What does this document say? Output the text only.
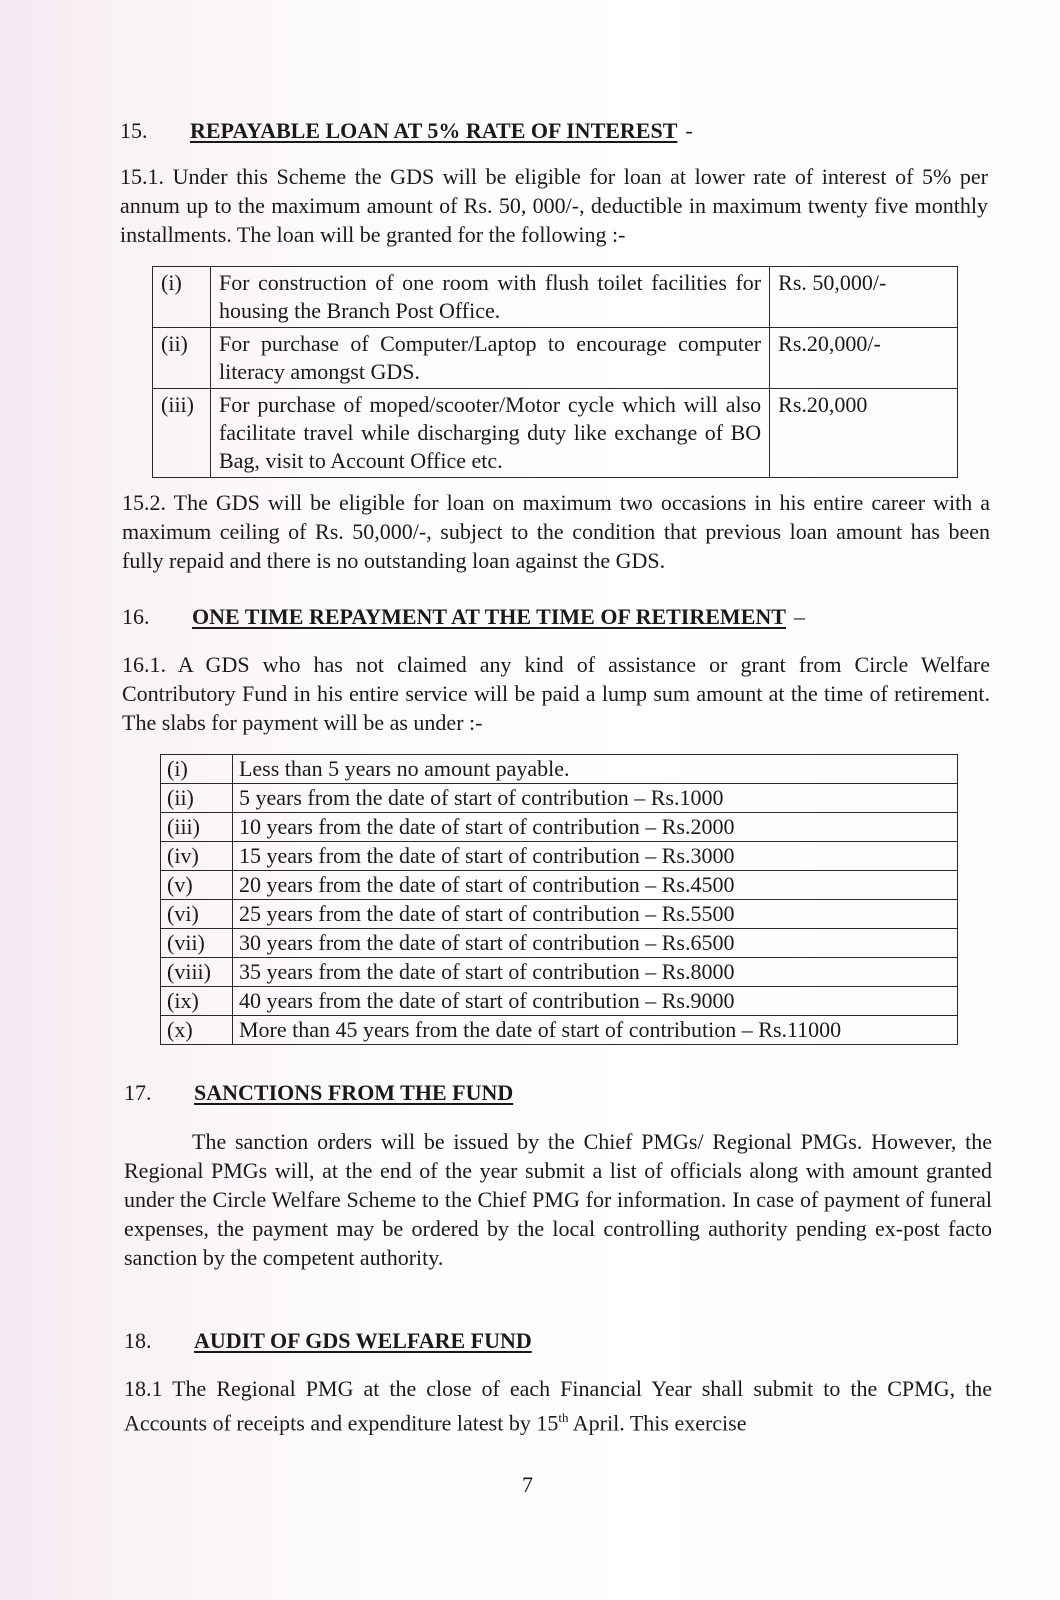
15.	REPAYABLE LOAN AT 5% RATE OF INTEREST -
15.1. Under this Scheme the GDS will be eligible for loan at lower rate of interest of 5% per annum up to the maximum amount of Rs. 50, 000/-, deductible in maximum twenty five monthly installments. The loan will be granted for the following :-
(i)	For construction of one room with flush toilet facilities for housing the Branch Post Office.	Rs. 50,000/-
(ii)	For purchase of Computer/Laptop to encourage computer literacy amongst GDS.	Rs.20,000/-
(iii)	For purchase of moped/scooter/Motor cycle which will also facilitate travel while discharging duty like exchange of BO Bag, visit to Account Office etc.	Rs.20,000
15.2. The GDS will be eligible for loan on maximum two occasions in his entire career with a maximum ceiling of Rs. 50,000/-, subject to the condition that previous loan amount has been fully repaid and there is no outstanding loan against the GDS.
16.	ONE TIME REPAYMENT AT THE TIME OF RETIREMENT –
16.1. A GDS who has not claimed any kind of assistance or grant from Circle Welfare Contributory Fund in his entire service will be paid a lump sum amount at the time of retirement. The slabs for payment will be as under :-
(i)	Less than 5 years no amount payable.
(ii)	5 years from the date of start of contribution – Rs.1000
(iii)	10 years from the date of start of contribution – Rs.2000
(iv)	15 years from the date of start of contribution – Rs.3000
(v)	20 years from the date of start of contribution – Rs.4500
(vi)	25 years from the date of start of contribution – Rs.5500
(vii)	30 years from the date of start of contribution – Rs.6500
(viii)	35 years from the date of start of contribution – Rs.8000
(ix)	40 years from the date of start of contribution – Rs.9000
(x)	More than 45 years from the date of start of contribution – Rs.11000
17.	SANCTIONS FROM THE FUND
The sanction orders will be issued by the Chief PMGs/ Regional PMGs. However, the Regional PMGs will, at the end of the year submit a list of officials along with amount granted under the Circle Welfare Scheme to the Chief PMG for information. In case of payment of funeral expenses, the payment may be ordered by the local controlling authority pending ex-post facto sanction by the competent authority.
18.	AUDIT OF GDS WELFARE FUND
18.1 The Regional PMG at the close of each Financial Year shall submit to the CPMG, the Accounts of receipts and expenditure latest by 15th April. This exercise
7
